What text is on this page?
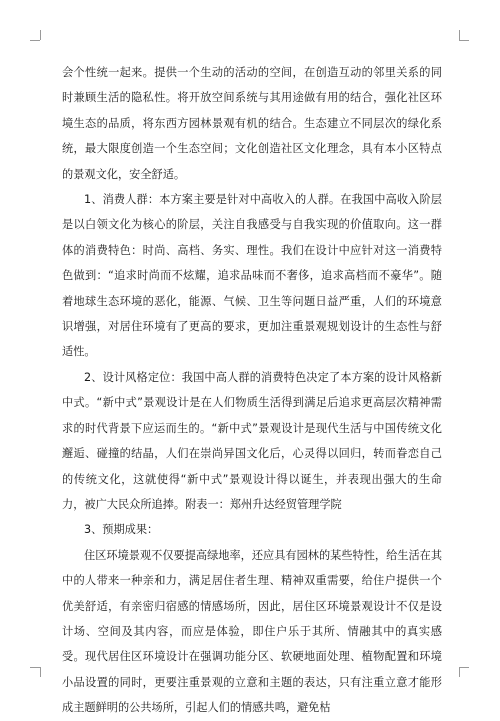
会个性统一起来。提供一个生动的活动的空间，在创造互动的邻里关系的同时兼顾生活的隐私性。将开放空间系统与其用途做有用的结合，强化社区环境生态的品质，将东西方园林景观有机的结合。生态建立不同层次的绿化系统，最大限度创造一个生态空间；文化创造社区文化理念，具有本小区特点的景观文化，安全舒适。

1、消费人群：本方案主要是针对中高收入的人群。在我国中高收入阶层是以白领文化为核心的阶层，关注自我感受与自我实现的价值取向。这一群体的消费特色：时尚、高档、务实、理性。我们在设计中应针对这一消费特色做到：“追求时尚而不炫耀，追求品味而不奢侈，追求高档而不豪华”。随着地球生态环境的恶化，能源、气候、卫生等问题日益严重，人们的环境意识增强，对居住环境有了更高的要求，更加注重景观规划设计的生态性与舒适性。

2、设计风格定位：我国中高人群的消费特色决定了本方案的设计风格新中式。“新中式”景观设计是在人们物质生活得到满足后追求更高层次精神需求的时代背景下应运而生的。“新中式”景观设计是现代生活与中国传统文化邂逅、碰撞的结晶，人们在崇尚异国文化后，心灵得以回归，转而眷恋自己的传统文化，这就使得“新中式”景观设计得以诞生，并表现出强大的生命力，被广大民众所追捧。附表一：郑州升达经贸管理学院

3、预期成果：

住区环境景观不仅要提高绿地率，还应具有园林的某些特性，给生活在其中的人带来一种亲和力，满足居住者生理、精神双重需要，给住户提供一个优美舒适，有亲密归宿感的情感场所，因此，居住区环境景观设计不仅是设计场、空间及其内容，而应是体验，即住户乐于其所、情融其中的真实感受。现代居住区环境设计在强调功能分区、软硬地面处理、植物配置和环境小品设置的同时，更要注重景观的立意和主题的表达，只有注重立意才能形成主题鲜明的公共场所，引起人们的情感共鸣，避免枯
